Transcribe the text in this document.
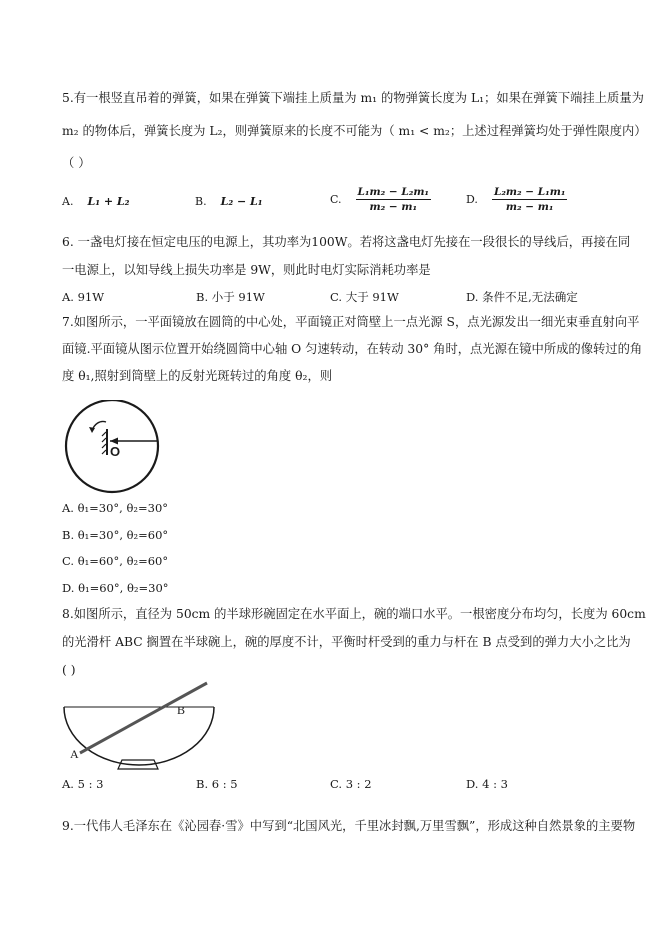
5.有一根竖直吊着的弹簧，如果在弹簧下端挂上质量为 m₁ 的物弹簧长度为 L₁；如果在弹簧下端挂上质量为
m₂ 的物体后，弹簧长度为 L₂，则弹簧原来的长度不可能为（ m₁ < m₂；上述过程弹簧均处于弹性限度内）
（ ）
A. L₁ + L₂	B. L₂ − L₁	C. $\frac{\text{L₁m₂ − L₂m₁}}{\text{m₂ − m₁}}$	D. $\frac{\text{L₂m₂ − L₁m₁}}{\text{m₂ − m₁}}$
6. 一盏电灯接在恒定电压的电源上，其功率为100W。若将这盏电灯先接在一段很长的导线后，再接在同
一电源上，以知导线上损失功率是 9W，则此时电灯实际消耗功率是
A. 91W	B. 小于 91W	C. 大于 91W	D. 条件不足,无法确定
7.如图所示，一平面镜放在圆筒的中心处，平面镜正对筒壁上一点光源 S，点光源发出一细光束垂直射向平
面镜.平面镜从图示位置开始绕圆筒中心轴 O 匀速转动，在转动 30° 角时，点光源在镜中所成的像转过的角
度 θ₁,照射到筒壁上的反射光斑转过的角度 θ₂，则
O
A. θ₁=30°, θ₂=30°
B. θ₁=30°, θ₂=60°
C. θ₁=60°, θ₂=60°
D. θ₁=60°, θ₂=30°
8.如图所示，直径为 50cm 的半球形碗固定在水平面上，碗的端口水平。一根密度分布均匀，长度为 60cm
的光滑杆 ABC 搁置在半球碗上，碗的厚度不计，平衡时杆受到的重力与杆在 B 点受到的弹力大小之比为
( )
A
B
A. 5 : 3	B. 6 : 5	C. 3 : 2	D. 4 : 3
9.一代伟人毛泽东在《沁园春·雪》中写到“北国风光，千里冰封飘,万里雪飘”，形成这种自然景象的主要物
